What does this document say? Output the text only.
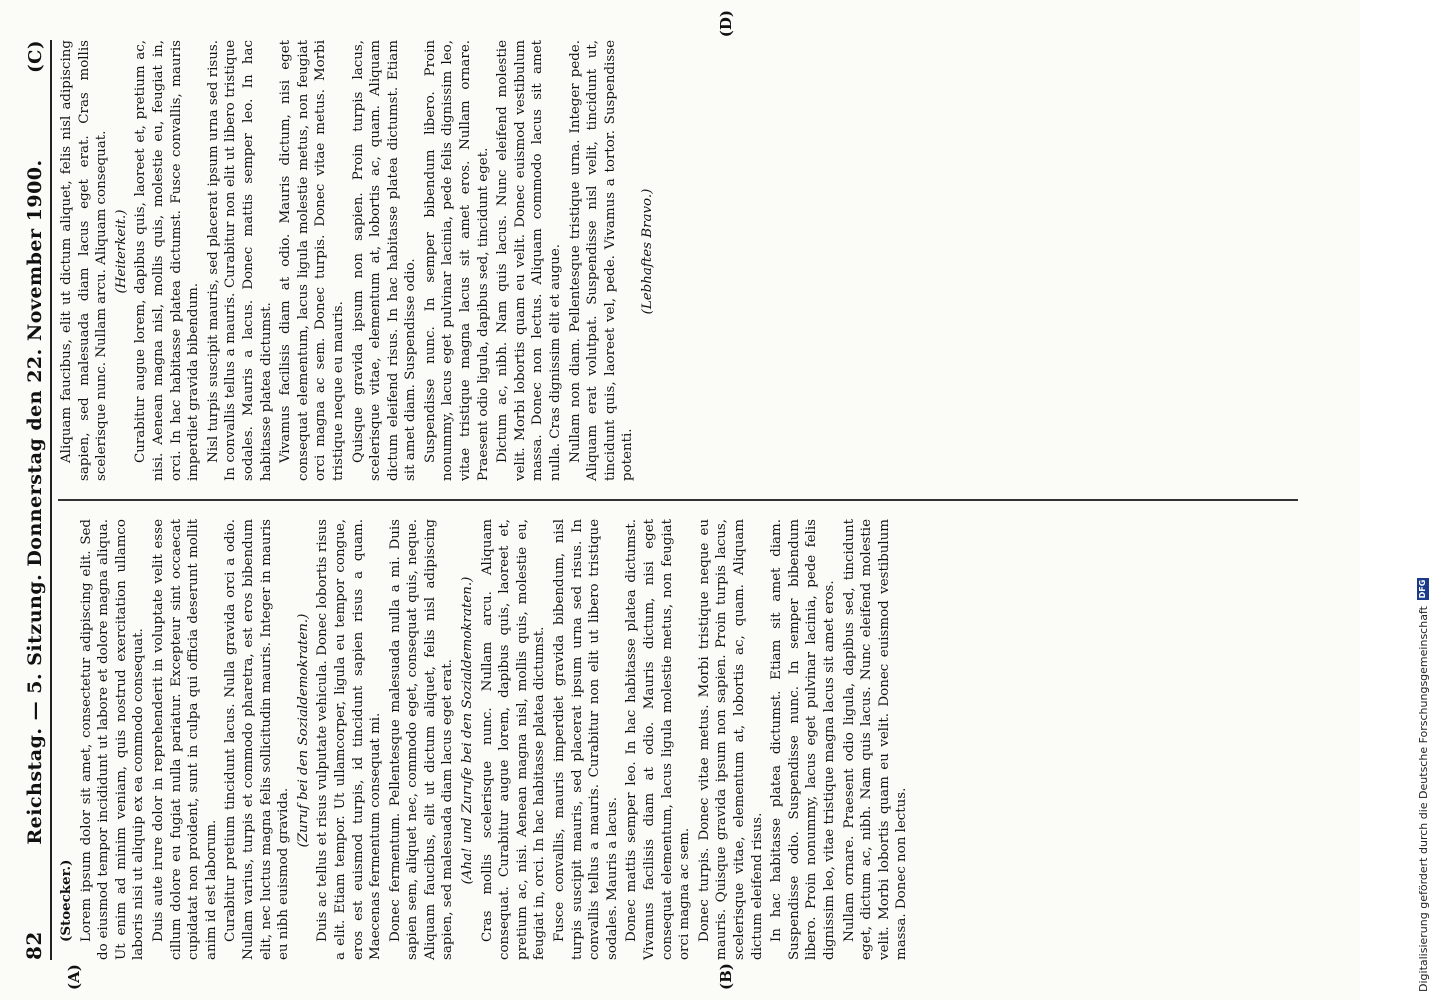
82
Reichstag. — 5. Sitzung. Donnerstag den 22. November 1900.
(C)
(A)	(B)

(Stoecker.) Lorem ipsum dolor sit amet, consectetur adipiscing elit. Sed do eiusmod tempor incididunt ut labore et dolore magna aliqua. Ut enim ad minim veniam, quis nostrud exercitation ullamco laboris nisi ut aliquip ex ea commodo consequat. Duis aute irure dolor in reprehenderit in voluptate velit esse cillum dolore eu fugiat nulla pariatur. Excepteur sint occaecat cupidatat non proident, sunt in culpa qui officia deserunt mollit anim id est laborum. Curabitur pretium tincidunt lacus. Nulla gravida orci a odio. Nullam varius, turpis et commodo pharetra, est eros bibendum elit, nec luctus magna felis sollicitudin mauris. Integer in mauris eu nibh euismod gravida.

(Zuruf bei den Sozialdemokraten.) Duis ac tellus et risus vulputate vehicula. Donec lobortis risus a elit. Etiam tempor. Ut ullamcorper, ligula eu tempor congue, eros est euismod turpis, id tincidunt sapien risus a quam. Maecenas fermentum consequat mi. Donec fermentum. Pellentesque malesuada nulla a mi. Duis sapien sem, aliquet nec, commodo eget, consequat quis, neque. Aliquam faucibus, elit ut dictum aliquet, felis nisl adipiscing sapien, sed malesuada diam lacus eget erat. (Aha! und Zurufe bei den Sozialdemokraten.) Cras mollis scelerisque nunc. Nullam arcu. Aliquam consequat. Curabitur augue lorem, dapibus quis, laoreet et, pretium ac, nisi. Aenean magna nisl, mollis quis, molestie eu, feugiat in, orci. In hac habitasse platea dictumst. Fusce convallis, mauris imperdiet gravida bibendum, nisl turpis suscipit mauris, sed placerat ipsum urna sed risus. In convallis tellus a mauris. Curabitur non elit ut libero tristique sodales. Mauris a lacus. Donec mattis semper leo. In hac habitasse platea dictumst. Vivamus facilisis diam at odio. Mauris dictum, nisi eget consequat elementum, lacus ligula molestie metus, non feugiat orci magna ac sem. Donec turpis. Donec vitae metus. Morbi tristique neque eu mauris. Quisque gravida ipsum non sapien. Proin turpis lacus, scelerisque vitae, elementum at, lobortis ac, quam. Aliquam dictum eleifend risus. In hac habitasse platea dictumst. Etiam sit amet diam. Suspendisse odio. Suspendisse nunc. In semper bibendum libero. Proin nonummy, lacus eget pulvinar lacinia, pede felis dignissim leo, vitae tristique magna lacus sit amet eros. Nullam ornare. Praesent odio ligula, dapibus sed, tincidunt eget, dictum ac, nibh. Nam quis lacus. Nunc eleifend molestie velit. Morbi lobortis quam eu velit. Donec euismod vestibulum massa. Donec non lectus.

(D)

Aliquam faucibus, elit ut dictum aliquet, felis nisl adipiscing sapien, sed malesuada diam lacus eget erat. Cras mollis scelerisque nunc. Nullam arcu. Aliquam consequat. (Heiterkeit.) Curabitur augue lorem, dapibus quis, laoreet et, pretium ac, nisi. Aenean magna nisl, mollis quis, molestie eu, feugiat in, orci. In hac habitasse platea dictumst. Fusce convallis, mauris imperdiet gravida bibendum. Nisl turpis suscipit mauris, sed placerat ipsum urna sed risus. In convallis tellus a mauris. Curabitur non elit ut libero tristique sodales. Mauris a lacus. Donec mattis semper leo. In hac habitasse platea dictumst. Vivamus facilisis diam at odio. Mauris dictum, nisi eget consequat elementum, lacus ligula molestie metus, non feugiat orci magna ac sem. Donec turpis. Donec vitae metus. Morbi tristique neque eu mauris. Quisque gravida ipsum non sapien. Proin turpis lacus, scelerisque vitae, elementum at, lobortis ac, quam. Aliquam dictum eleifend risus. In hac habitasse platea dictumst. Etiam sit amet diam. Suspendisse odio. Suspendisse nunc. In semper bibendum libero. Proin nonummy, lacus eget pulvinar lacinia, pede felis dignissim leo, vitae tristique magna lacus sit amet eros. Nullam ornare. Praesent odio ligula, dapibus sed, tincidunt eget. Dictum ac, nibh. Nam quis lacus. Nunc eleifend molestie velit. Morbi lobortis quam eu velit. Donec euismod vestibulum massa. Donec non lectus. Aliquam commodo lacus sit amet nulla. Cras dignissim elit et augue. Nullam non diam. Pellentesque tristique urna. Integer pede. Aliquam erat volutpat. Suspendisse nisl velit, tincidunt ut, tincidunt quis, laoreet vel, pede. Vivamus a tortor. Suspendisse potenti.

(Lebhaftes Bravo.)

Digitalisierung gefördert durch die Deutsche Forschungsgemeinschaft
DFG
